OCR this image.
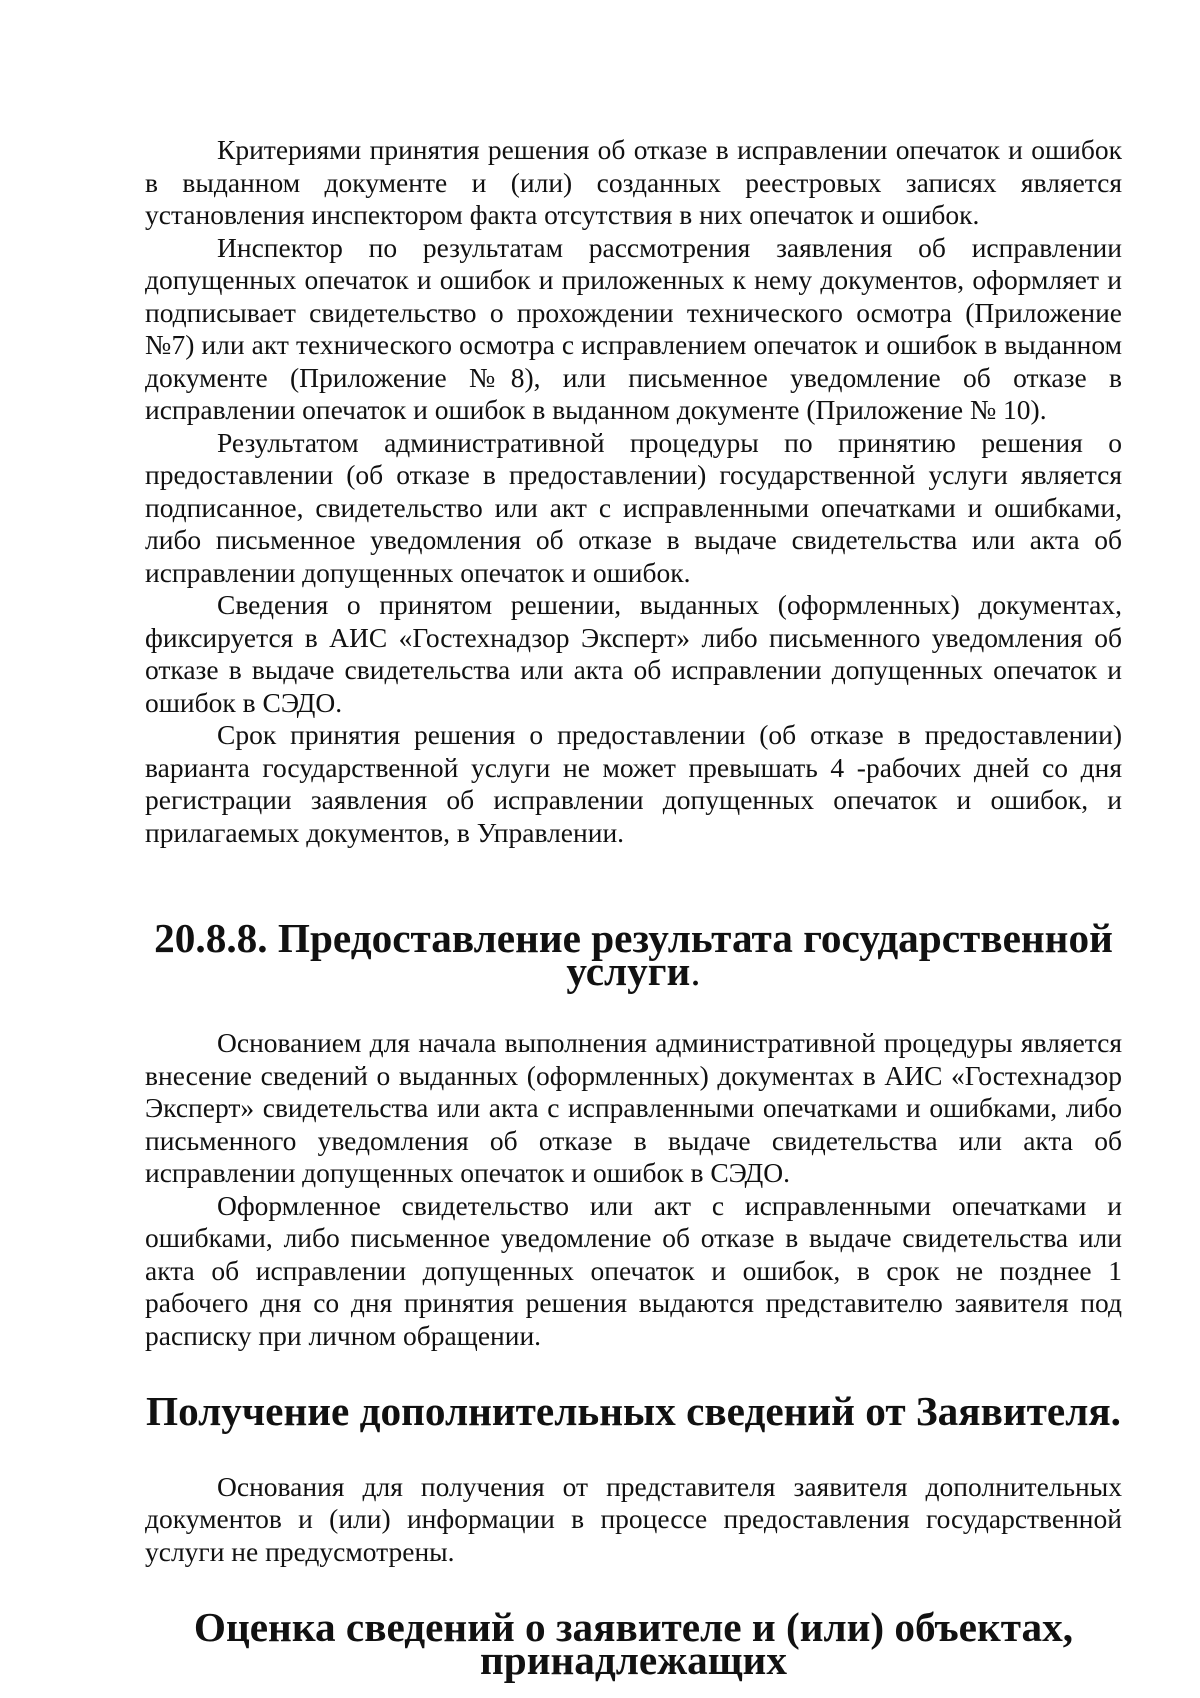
Критериями принятия решения об отказе в исправлении опечаток и ошибок в выданном документе и (или) созданных реестровых записях является установления инспектором факта отсутствия в них опечаток и ошибок.

Инспектор по результатам рассмотрения заявления об исправлении допущенных опечаток и ошибок и приложенных к нему документов, оформляет и подписывает свидетельство о прохождении технического осмотра (Приложение №7) или акт технического осмотра с исправлением опечаток и ошибок в выданном документе (Приложение №8), или письменное уведомление об отказе в исправлении опечаток и ошибок в выданном документе (Приложение № 10).

Результатом административной процедуры по принятию решения о предоставлении (об отказе в предоставлении) государственной услуги является подписанное, свидетельство или акт с исправленными опечатками и ошибками, либо письменное уведомления об отказе в выдаче свидетельства или акта об исправлении допущенных опечаток и ошибок.

Сведения о принятом решении, выданных (оформленных) документах, фиксируется в АИС «Гостехнадзор Эксперт» либо письменного уведомления об отказе в выдаче свидетельства или акта об исправлении допущенных опечаток и ошибок в СЭДО.

Срок принятия решения о предоставлении (об отказе в предоставлении) варианта государственной услуги не может превышать 4 -рабочих дней со дня регистрации заявления об исправлении допущенных опечаток и ошибок, и прилагаемых документов, в Управлении.

20.8.8. Предоставление результата государственной услуги.

Основанием для начала выполнения административной процедуры является внесение сведений о выданных (оформленных) документах в АИС «Гостехнадзор Эксперт» свидетельства или акта с исправленными опечатками и ошибками, либо письменного уведомления об отказе в выдаче свидетельства или акта об исправлении допущенных опечаток и ошибок в СЭДО.

Оформленное свидетельство или акт с исправленными опечатками и ошибками, либо письменное уведомление об отказе в выдаче свидетельства или акта об исправлении допущенных опечаток и ошибок, в срок не позднее 1 рабочего дня со дня принятия решения выдаются представителю заявителя под расписку при личном обращении.

Получение дополнительных сведений от Заявителя.

Основания для получения от представителя заявителя дополнительных документов и (или) информации в процессе предоставления государственной услуги не предусмотрены.

Оценка сведений о заявителе и (или) объектах, принадлежащих
